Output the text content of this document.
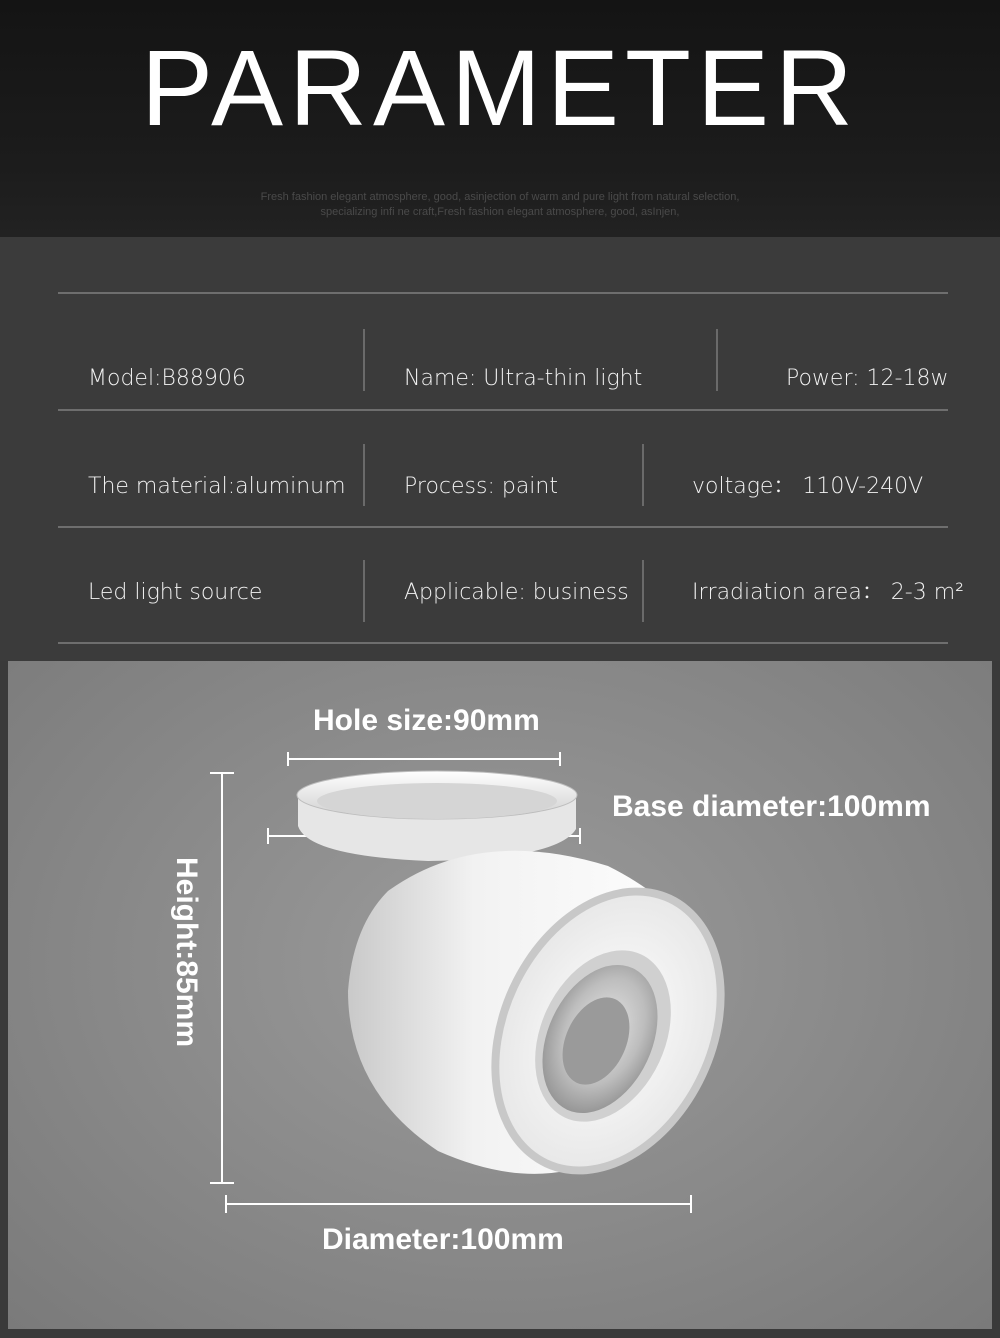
PARAMETER
Fresh fashion elegant atmosphere, good, asinjection of warm and pure light from natural selection,
specializing infi ne craft,Fresh fashion elegant atmosphere, good, asInjen,
Model:B88906	Name: Ultra-thin light	Power: 12-18w
The material:aluminum	Process: paint	voltage： 110V-240V
Led light source	Applicable: business	Irradiation area： 2-3 m²
Hole size:90mm
Base diameter:100mm
Height:85mm
Diameter:100mm
